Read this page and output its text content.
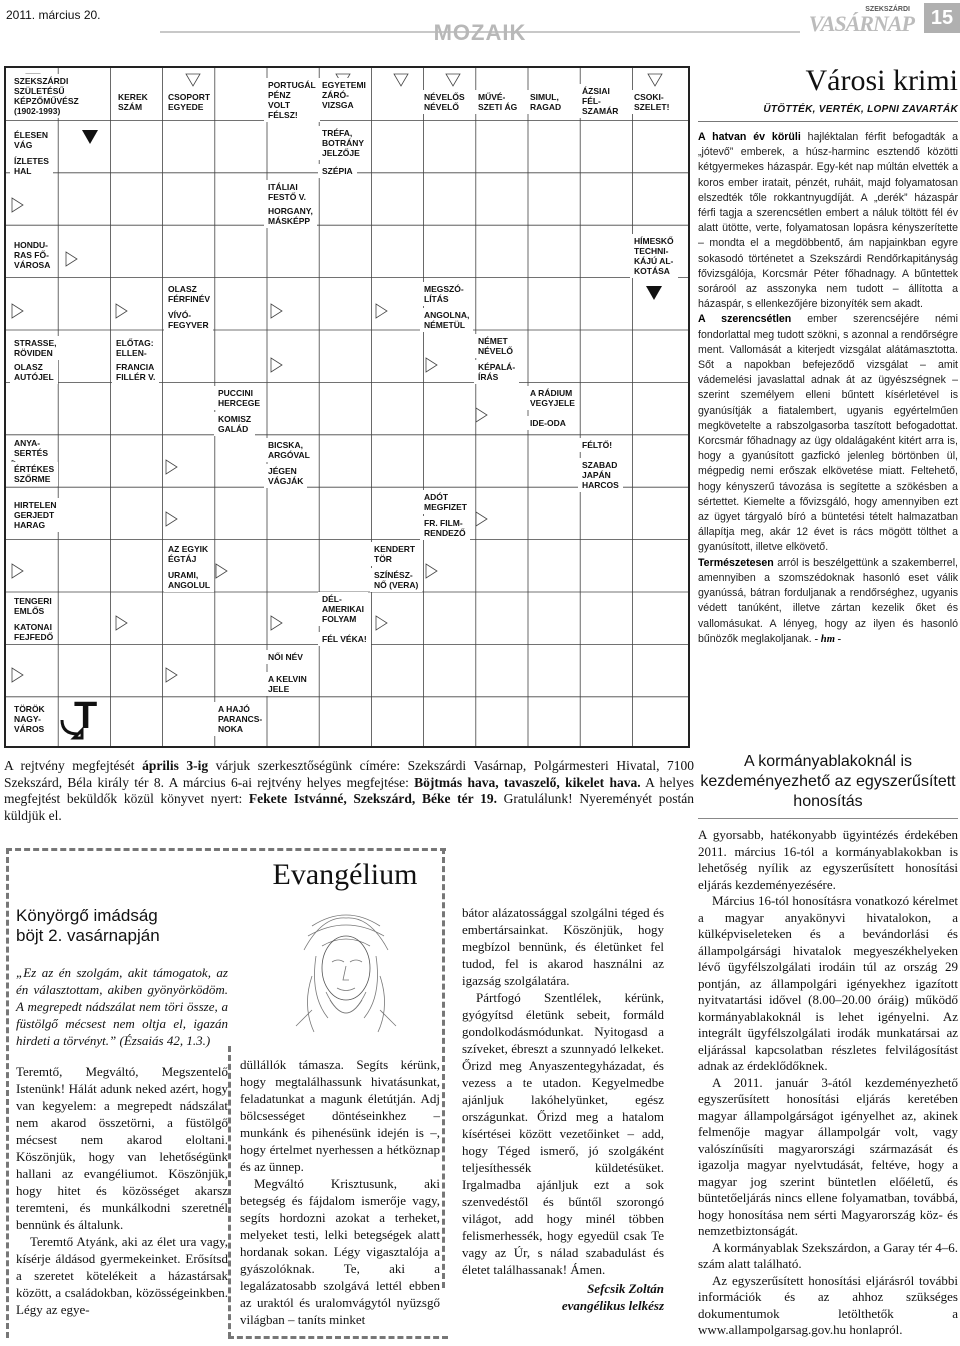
2011. március 20.
MOZAIK
SZEKSZÁRDI
VASÁRNAP 15
T
SZEKSZÁRDI
SZÜLETÉSŰ
KÉPZŐMŰVÉSZ
(1902-1993)
KEREK
SZÁM
CSOPORT
EGYEDE
PORTUGÁL
PÉNZ
VOLT
FÉLSZ!
EGYETEMI
ZÁRÓ-
VIZSGA
NÉVELŐS
NÉVELŐ
MŰVÉ-
SZETI ÁG
SIMUL,
RAGAD
ÁZSIAI
FÉL-
SZAMÁR
CSOKI-
SZELET!
ÉLESEN
VÁG
ÍZLETES
HAL
TRÉFA,
BOTRÁNY
JELZŐJE
SZÉPIA
ITÁLIAI
FESTŐ V.
HORGANY,
MÁSKÉPP
HONDU-
RAS FŐ-
VÁROSA
HÍMESKŐ
TECHNI-
KÁJÚ AL-
KOTÁSA
OLASZ
FÉRFINÉV
VÍVÓ-
FEGYVER
MEGSZÓ-
LÍTÁS
ANGOLNA,
NÉMETÜL
STRASSE,
RÖVIDEN
OLASZ
AUTÓJEL
ELŐTAG:
ELLEN-
FRANCIA
FILLÉR V.
NÉMET
NÉVELŐ
KÉPALÁ-
ÍRÁS
PUCCINI
HERCEGE
KOMISZ
GALÁD
A RÁDIUM
VEGYJELE
IDE-ODA
ANYA-
SERTÉS
ÉRTÉKES
SZŐRME
BICSKA,
ARGÓVAL
JÉGEN
VÁGJÁK
FÉLTŐ!
SZABAD
JAPÁN
HARCOS
HIRTELEN
GERJEDT
HARAG
ADÓT
MEGFIZET
FR. FILM-
RENDEZŐ
AZ EGYIK
ÉGTÁJ
URAMI,
ANGOLUL
KENDERT
TÖR
SZÍNÉSZ-
NŐ (VERA)
TENGERI
EMLŐS
KATONAI
FEJFEDŐ
DÉL-
AMERIKAI
FOLYAM
FÉL VÉKA!
NŐI NÉV
A KELVIN
JELE
TÖRÖK
NAGY-
VÁROS
A HAJÓ
PARANCS-
NOKA
Városi krimi
ÜTÖTTÉK, VERTÉK, LOPNI ZAVARTÁK

A hatvan év körüli hajléktalan férfit befogadták a „jótevő” emberek, a húsz-harminc esztendő közötti kétgyermekes házaspár. Egy-két nap múltán elvették a koros ember iratait, pénzét, ruháit, majd folyamatosan elszedték tőle rokkantnyugdíját. A „derék” házaspár férfi tagja a szerencsétlen embert a náluk töltött fél év alatt ütötte, verte, folyamatosan lopásra kényszerítette – mondta el a megdöbbentő, ám napjainkban egyre sokasodó történetet a Szekszárdi Rendőrkapitányság fővizsgálója, Korcsmár Péter főhadnagy. A bűntettek sorároól az asszonyka nem tudott – állította a házaspár, s ellenkezőjére bizonyíték sem akadt.

A szerencsétlen ember szerencséjére némi fondorlattal meg tudott szökni, s azonnal a rendőrségre ment. Vallomását a kiterjedt vizsgálat alátámasztotta. Sőt a napokban befejeződő vizsgálat – amit vádemelési javaslattal adnak át az ügyészségnek – szerint személyem elleni bűntett kísérletével is gyanúsítják a fiatalembert, ugyanis egyértelműen megkövetelte a rabszolgasorba taszított befogadottat. Korcsmár főhadnagy az ügy oldalágaként kitért arra is, hogy a gyanúsított gazfickó jelenleg börtönben ül, mégpedig nemi erőszak elkövetése miatt. Feltehető, hogy kényszerű távozása is segítette a szökésben a sértettet. Kiemelte a fővizsgáló, hogy amennyiben ezt az ügyet tárgyaló bíró a büntetési tételt halmazatban állapítja meg, akár 12 évet is rács mögött tölthet a gyanúsított, illetve elkövető.

Természetesen arról is beszélgettünk a szakemberrel, amennyiben a szomszédoknak hasonló eset válik gyanússá, bátran forduljanak a rendőrséghez, ugyanis védett tanúként, illetve zártan kezelik őket és vallomásukat. A lényeg, hogy az ilyen és hasonló bűnözők meglakoljanak. - hm -

A rejtvény megfejtését április 3-ig várjuk szerkesztőségünk címére: Szekszárdi Vasárnap, Polgármesteri Hivatal, 7100 Szekszárd, Béla király tér 8. A március 6-ai rejtvény helyes megfejtése: Böjtmás hava, tavaszelő, kikelet hava. A helyes megfejtést beküldők közül könyvet nyert: Fekete Istvánné, Szekszárd, Béke tér 19. Gratulálunk! Nyereményét postán küldjük el.
Könyörgő imádság
böjt 2. vasárnapján

„Ez az én szolgám, akit támogatok, az én választottam, akiben gyönyörködöm. A megrepedt nádszálat nem töri össze, a füstölgő mécsest nem oltja el, igazán hirdeti a törvényt.” (Ézsaiás 42, 1.3.)

Teremtő, Megváltó, Megszentelő Istenünk! Hálát adunk neked azért, hogy van kegyelem: a megrepedt nádszálat nem akarod összetörni, a füstölgő mécsest nem akarod eloltani. Köszönjük, hogy van lehetőségünk hallani az evangéliumot. Köszönjük, hogy hitet és közösséget akarsz teremteni, és munkálkodni szeretnél bennünk és általunk.

Teremtő Atyánk, aki az élet ura vagy, kísérje áldásod gyermekeinket. Erősítsd a szeretet kötelékeit a házastársak között, a családokban, közösségeinkben. Légy az egye-

Evangélium

düllállók támasza. Segíts kérünk, hogy megtalálhassunk hivatásunkat, feladatunkat a magunk életútján. Adj bölcsességet döntéseinkhez – munkánk és pihenésünk idején is –, hogy értelmet nyerhessen a hétköznap és az ünnep.

Megváltó Krisztusunk, aki betegség és fájdalom ismerője vagy, segíts hordozni azokat a terheket, melyeket testi, lelki betegségek alatt hordanak sokan. Légy vigasztalója a gyászolóknak. Te, aki a legalázatosabb szolgává lettél ebben az uraktól és uralomvágytól nyüzsgő világban – taníts minket

bátor alázatossággal szolgálni téged és embertársainkat. Köszönjük, hogy megbízol bennünk, és életünket fel tudod, fel is akarod használni az igazság szolgálatára.

Pártfogó Szentlélek, kérünk, gyógyítsd életünk sebeit, formáld gondolkodásmódunkat. Nyitogasd a szíveket, ébreszt a szunnyadó lelkeket. Őrizd meg Anyaszentegyházadat, és vezess a te utadon. Kegyelmedbe ajánljuk lakóhelyünket, egész országunkat. Őrizd meg a hatalom kísértései között vezetőinket – add, hogy Téged ismerő, jó szolgáként teljesíthessék küldetésüket. Irgalmadba ajánljuk ezt a sok szenvedéstől és bűntől szorongó világot, add hogy minél többen felismerhessék, hogy egyedül csak Te vagy az Úr, s nálad szabadulást és életet találhassanak! Ámen.

Sefcsik Zoltán
evangélikus lelkész
A kormányablakoknál is kezdeményezhető az egyszerűsített honosítás

A gyorsabb, hatékonyabb ügyintézés érdekében 2011. március 16-tól a kormányablakokban is lehetőség nyílik az egyszerűsített honosítási eljárás kezdeményezésére.

Március 16-tól honosításra vonatkozó kérelmet a magyar anyakönyvi hivatalokon, a külképviseleteken és a bevándorlási és állampolgársági hivatalok megyeszékhelyeken lévő ügyfélszolgálati irodáin túl az ország 29 pontján, az állampolgári igényekhez igazított nyitvatartási idővel (8.00–20.00 óráig) működő kormányablakoknál is lehet igényelni. Az integrált ügyfélszolgálati irodák munkatársai az eljárással kapcsolatban részletes felvilágosítást adnak az érdeklődőknek.

A 2011. január 3-ától kezdeményezhető egyszerűsített honosítási eljárás keretében magyar állampolgárságot igényelhet az, akinek felmenője magyar állampolgár volt, vagy valószínűsíti magyarországi származását és igazolja magyar nyelvtudását, feltéve, hogy a magyar jog szerint büntetlen előéletű, és büntetőeljárás nincs ellene folyamatban, továbbá, hogy honosítása nem sérti Magyarország köz- és nemzetbiztonságát.

A kormányablak Szekszárdon, a Garay tér 4–6. szám alatt található.

Az egyszerűsített honosítási eljárásról további információk és az ahhoz szükséges dokumentumok letölthetők a www.allampolgarsag.gov.hu honlapról.
